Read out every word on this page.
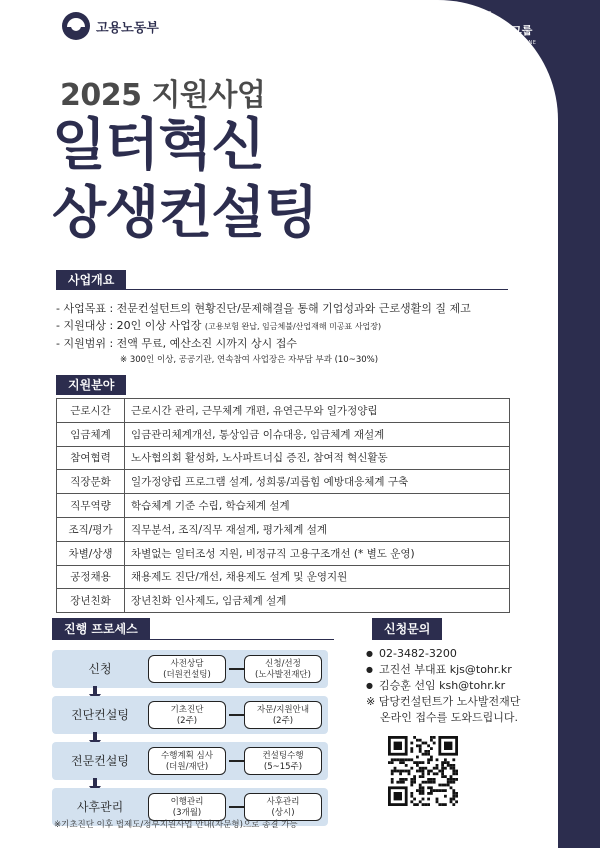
고용노동부
노무법인
더원컨설팅그룹
LABOR LAW FIRM THE ONE
2025 지원사업
일터혁신
상생컨설팅
사업개요
- 사업목표 : 전문컨설턴트의 현황진단/문제해결을 통해 기업성과와 근로생활의 질 제고
- 지원대상 : 20인 이상 사업장 (고용보험 완납, 임금체불/산업재해 미공표 사업장)
- 지원범위 : 전액 무료, 예산소진 시까지 상시 접수
※ 300인 이상, 공공기관, 연속참여 사업장은 자부담 부과 (10~30%)
지원분야
근로시간	근로시간 관리, 근무체계 개편, 유연근무와 일가정양립
임금체계	임금관리체계개선, 통상임금 이슈대응, 임금체계 재설계
참여협력	노사협의회 활성화, 노사파트너십 증진, 참여적 혁신활동
직장문화	일가정양립 프로그램 설계, 성희롱/괴롭힘 예방대응체계 구축
직무역량	학습체계 기준 수립, 학습체계 설계
조직/평가	직무분석, 조직/직무 재설계, 평가체계 설계
차별/상생	차별없는 일터조성 지원, 비정규직 고용구조개선 (* 별도 운영)
공정채용	채용제도 진단/개선, 채용제도 설계 및 운영지원
장년친화	장년친화 인사제도, 임금체계 설계
진행 프로세스
신청	사전상담
(더원컨설팅)
신청/선정
(노사발전재단)
진단컨설팅	기초진단
(2주)
자문/지원안내
(2주)
전문컨설팅	수행계획 심사
(더원/재단)
컨설팅수행
(5~15주)
사후관리	이행관리
(3개월)
사후관리
(상시)
※기초진단 이후 법제도/정부지원사업 안내(자문형)으로 종결 가능
신청문의
● 02-3482-3200
● 고진선 부대표 kjs@tohr.kr
● 김승훈 선임 ksh@tohr.kr
※ 담당컨설턴트가 노사발전재단
온라인 접수를 도와드립니다.
